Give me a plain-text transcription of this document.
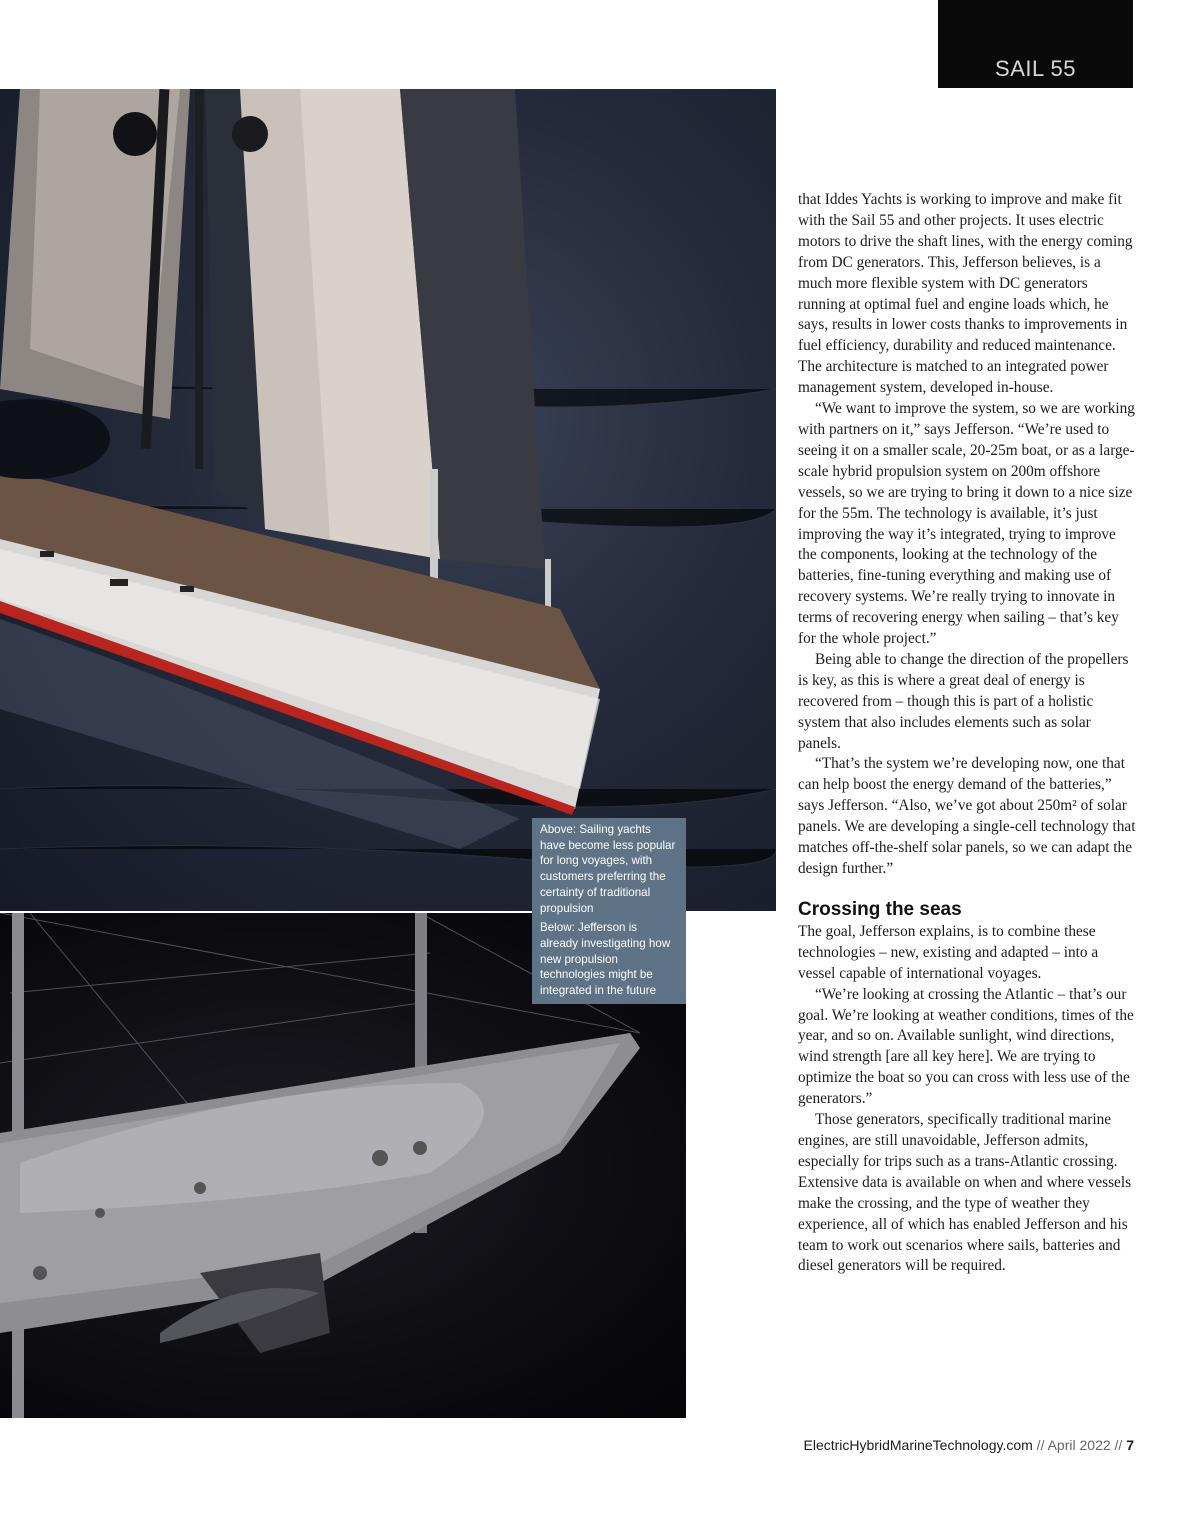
SAIL 55

Above: Sailing yachts have become less popular for long voyages, with customers preferring the certainty of traditional propulsion

Below: Jefferson is already investigating how new propulsion technologies might be integrated in the future

that Iddes Yachts is working to improve and make fit with the Sail 55 and other projects. It uses electric motors to drive the shaft lines, with the energy coming from DC generators. This, Jefferson believes, is a much more flexible system with DC generators running at optimal fuel and engine loads which, he says, results in lower costs thanks to improvements in fuel efficiency, durability and reduced maintenance. The architecture is matched to an integrated power management system, developed in-house.

“We want to improve the system, so we are working with partners on it,” says Jefferson. “We’re used to seeing it on a smaller scale, 20-25m boat, or as a large-scale hybrid propulsion system on 200m offshore vessels, so we are trying to bring it down to a nice size for the 55m. The technology is available, it’s just improving the way it’s integrated, trying to improve the components, looking at the technology of the batteries, fine-tuning everything and making use of recovery systems. We’re really trying to innovate in terms of recovering energy when sailing – that’s key for the whole project.”

Being able to change the direction of the propellers is key, as this is where a great deal of energy is recovered from – though this is part of a holistic system that also includes elements such as solar panels.

“That’s the system we’re developing now, one that can help boost the energy demand of the batteries,” says Jefferson. “Also, we’ve got about 250m² of solar panels. We are developing a single-cell technology that matches off-the-shelf solar panels, so we can adapt the design further.”

Crossing the seas

The goal, Jefferson explains, is to combine these technologies – new, existing and adapted – into a vessel capable of international voyages.

“We’re looking at crossing the Atlantic – that’s our goal. We’re looking at weather conditions, times of the year, and so on. Available sunlight, wind directions, wind strength [are all key here]. We are trying to optimize the boat so you can cross with less use of the generators.”

Those generators, specifically traditional marine engines, are still unavoidable, Jefferson admits, especially for trips such as a trans-Atlantic crossing. Extensive data is available on when and where vessels make the crossing, and the type of weather they experience, all of which has enabled Jefferson and his team to work out scenarios where sails, batteries and diesel generators will be required.

ElectricHybridMarineTechnology.com // April 2022 // 7
